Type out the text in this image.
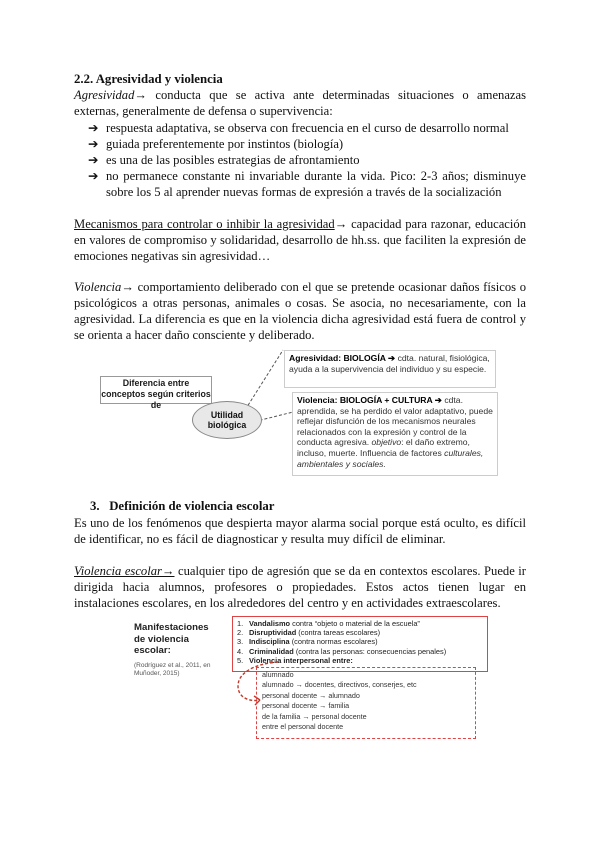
2.2. Agresividad y violencia

Agresividad→ conducta que se activa ante determinadas situaciones o amenazas externas, generalmente de defensa o supervivencia:

➔ respuesta adaptativa, se observa con frecuencia en el curso de desarrollo normal
➔ guiada preferentemente por instintos (biología)
➔ es una de las posibles estrategias de afrontamiento
➔ no permanece constante ni invariable durante la vida. Pico: 2-3 años; disminuye sobre los 5 al aprender nuevas formas de expresión a través de la socialización

Mecanismos para controlar o inhibir la agresividad→ capacidad para razonar, educación en valores de compromiso y solidaridad, desarrollo de hh.ss. que faciliten la expresión de emociones negativas sin agresividad…

Violencia→ comportamiento deliberado con el que se pretende ocasionar daños físicos o psicológicos a otras personas, animales o cosas. Se asocia, no necesariamente, con la agresividad. La diferencia es que en la violencia dicha agresividad está fuera de control y se orienta a hacer daño consciente y deliberado.

Diferencia entre conceptos según criterios de
Utilidad biológica
Agresividad: BIOLOGÍA ➔ cdta. natural, fisiológica, ayuda a la supervivencia del individuo y su especie.
Violencia: BIOLOGÍA + CULTURA ➔ cdta. aprendida, se ha perdido el valor adaptativo, puede reflejar disfunción de los mecanismos neurales relacionados con la expresión y control de la conducta agresiva. objetivo: el daño extremo, incluso, muerte. Influencia de factores culturales, ambientales y sociales.
3.   Definición de violencia escolar

Es uno de los fenómenos que despierta mayor alarma social porque está oculto, es difícil de identificar, no es fácil de diagnosticar y resulta muy difícil de eliminar.

Violencia escolar→ cualquier tipo de agresión que se da en contextos escolares. Puede ir dirigida hacia alumnos, profesores o propiedades. Estos actos tienen lugar en instalaciones escolares, en los alrededores del centro y en actividades extraescolares.

Manifestaciones de violencia escolar:
(Rodríguez et al., 2011, en Muñoder, 2015)
1. Vandalismo contra “objeto o material de la escuela”
2. Disruptividad (contra tareas escolares)
3. Indisciplina (contra normas escolares)
4. Criminalidad (contra las personas: consecuencias penales)
5. Violencia interpersonal entre:
alumnado
alumnado → docentes, directivos, conserjes, etc
personal docente → alumnado
personal docente → familia
de la familia → personal docente
entre el personal docente
